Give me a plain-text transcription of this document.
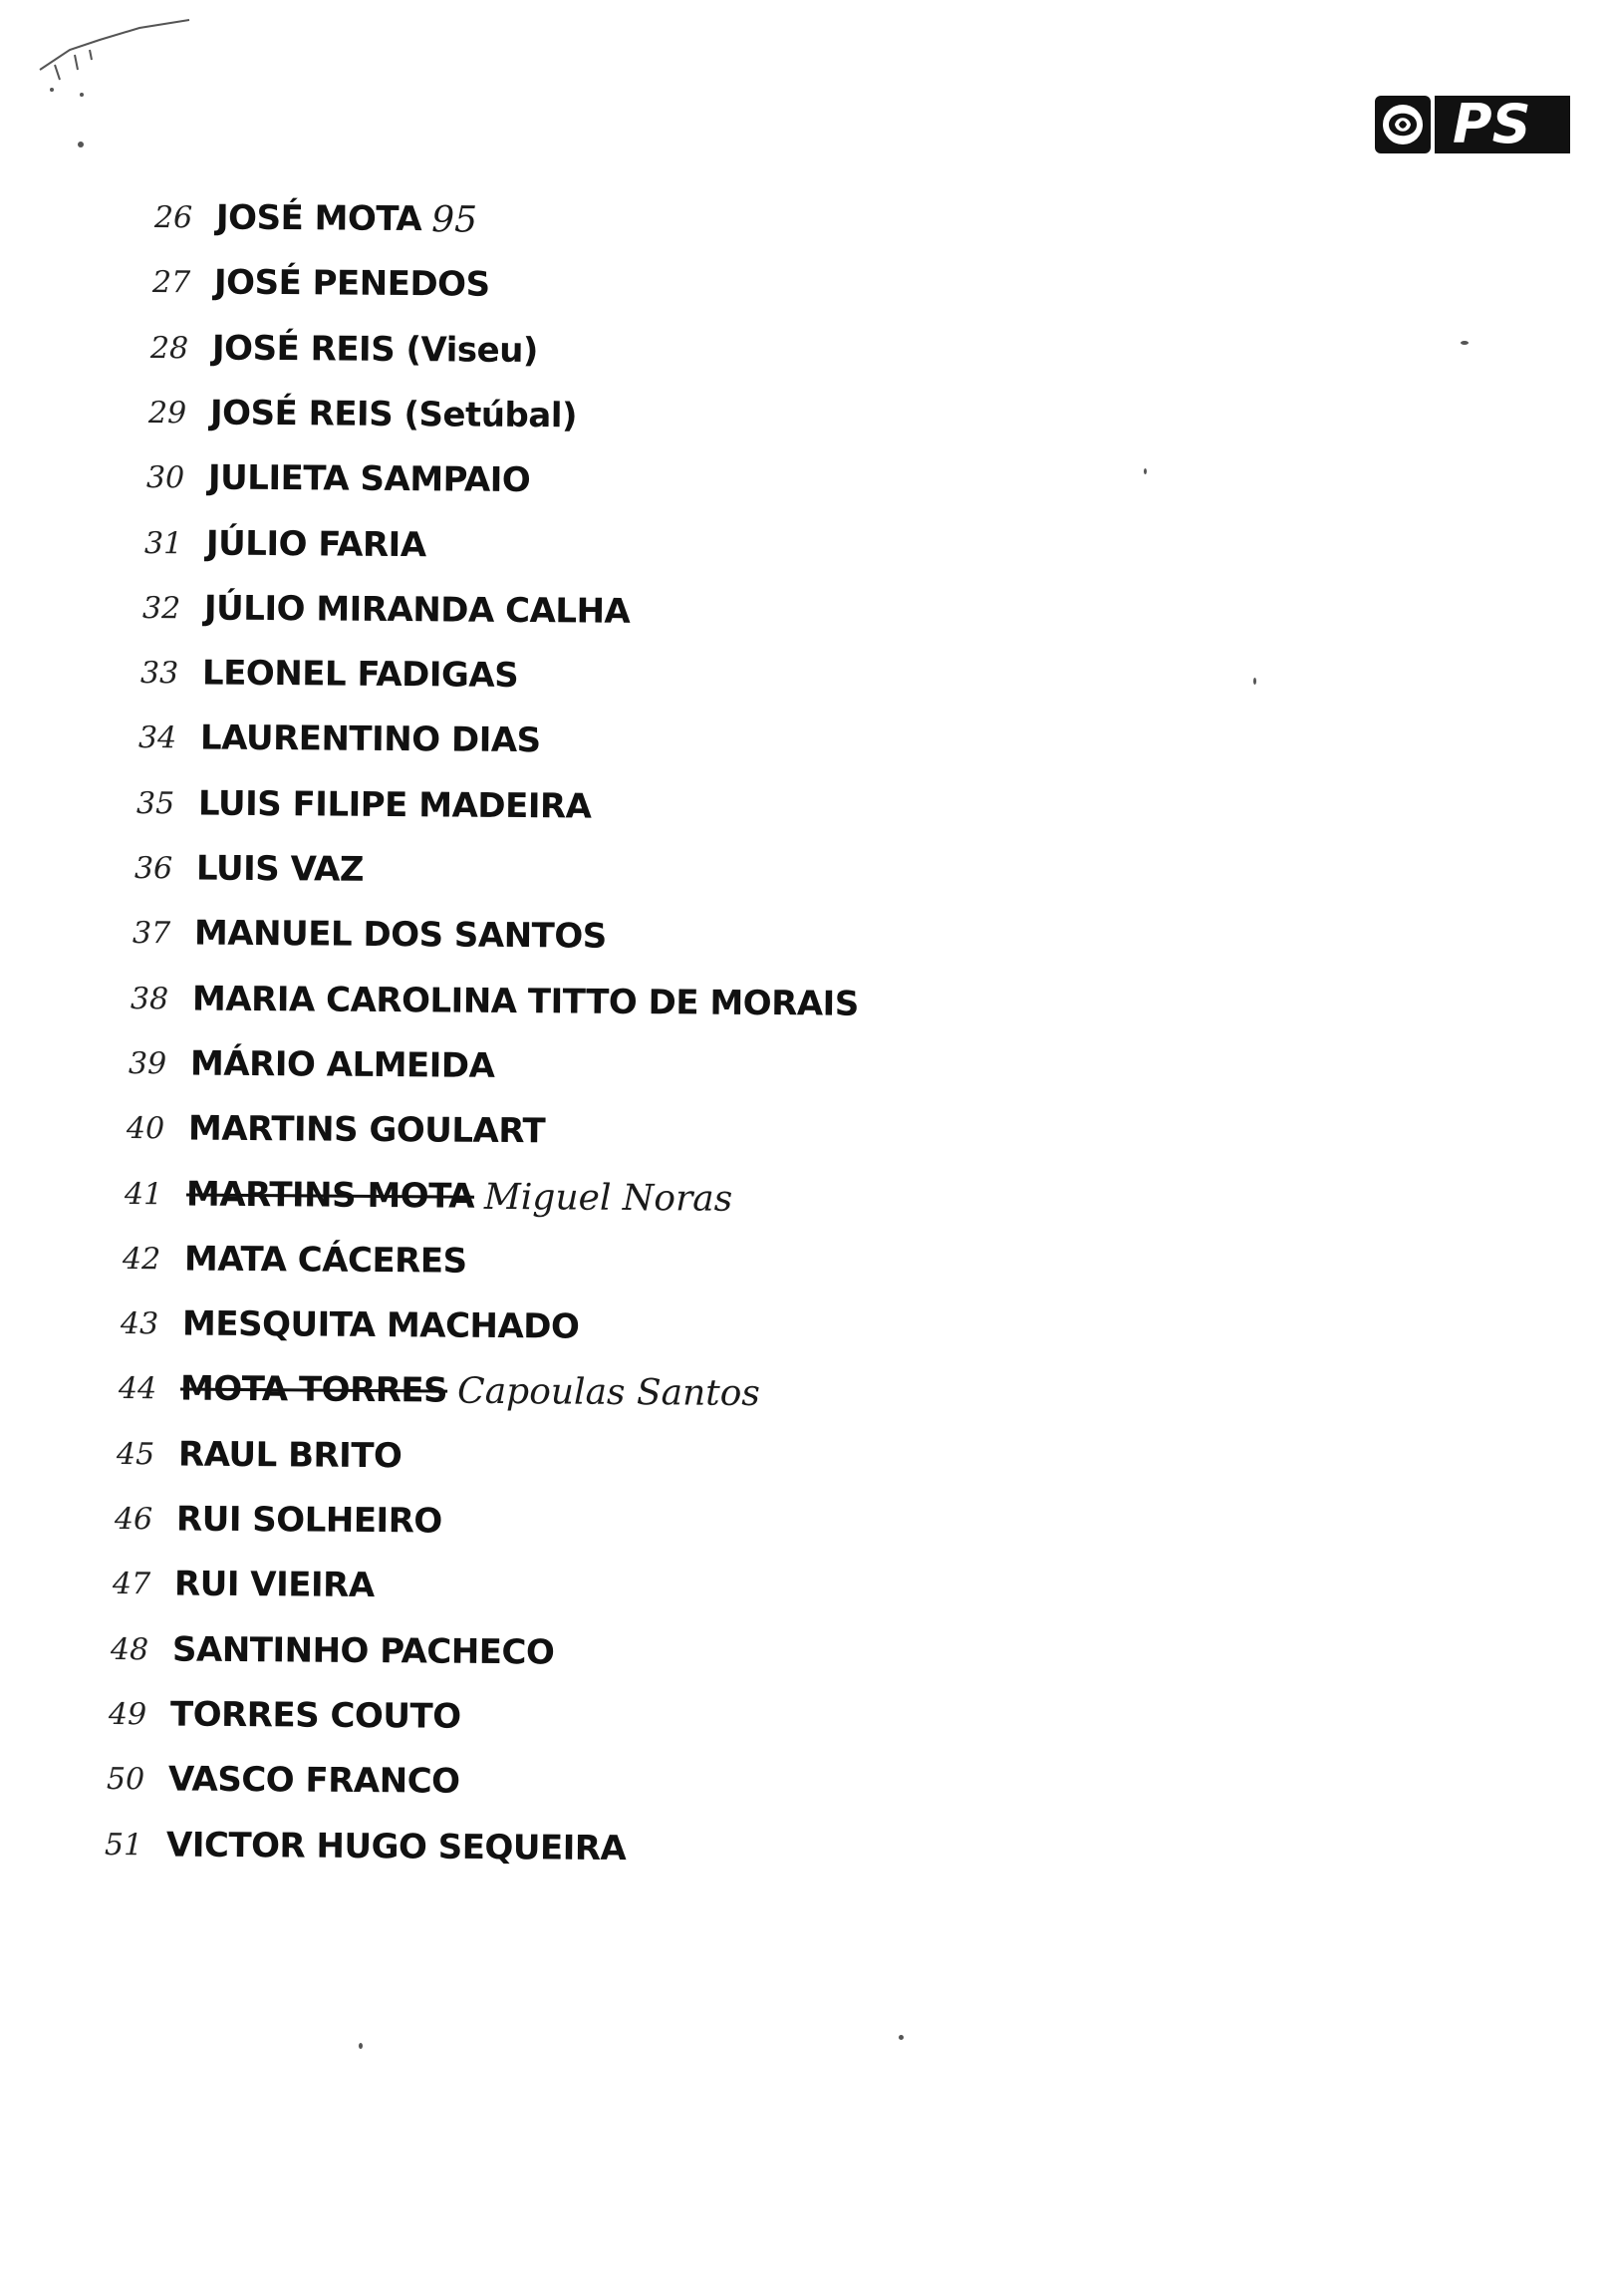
PS
26 JOSÉ MOTA 95
27 JOSÉ PENEDOS
28 JOSÉ REIS (Viseu)
29 JOSÉ REIS (Setúbal)
30 JULIETA SAMPAIO
31 JÚLIO FARIA
32 JÚLIO MIRANDA CALHA
33 LEONEL FADIGAS
34 LAURENTINO DIAS
35 LUIS FILIPE MADEIRA
36 LUIS VAZ
37 MANUEL DOS SANTOS
38 MARIA CAROLINA TITTO DE MORAIS
39 MÁRIO ALMEIDA
40 MARTINS GOULART
41 MARTINS MOTA Miguel Noras
42 MATA CÁCERES
43 MESQUITA MACHADO
44 MOTA TORRES Capoulas Santos
45 RAUL BRITO
46 RUI SOLHEIRO
47 RUI VIEIRA
48 SANTINHO PACHECO
49 TORRES COUTO
50 VASCO FRANCO
51 VICTOR HUGO SEQUEIRA
